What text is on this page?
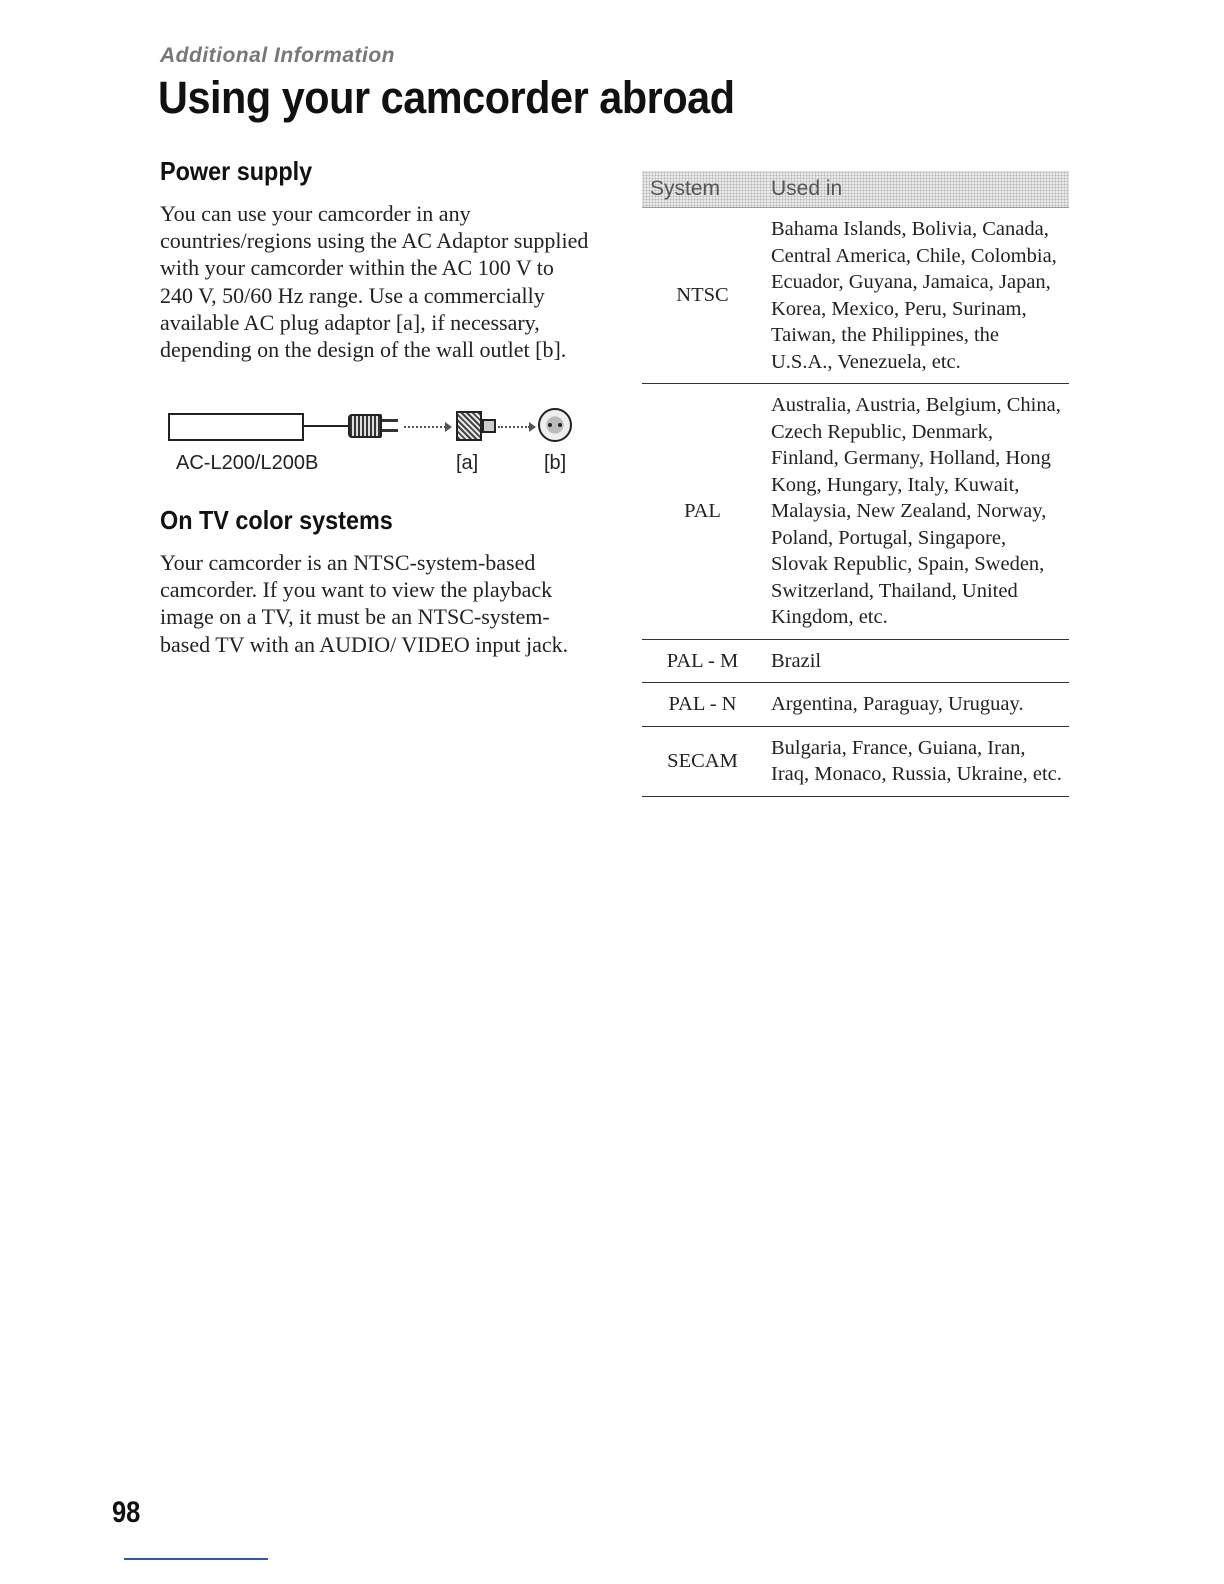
Additional Information
Using your camcorder abroad
Power supply

You can use your camcorder in any countries/regions using the AC Adaptor supplied with your camcorder within the AC 100 V to 240 V, 50/60 Hz range. Use a commercially available AC plug adaptor [a], if necessary, depending on the design of the wall outlet [b].

AC-L200/L200B	[a]	[b]
On TV color systems

Your camcorder is an NTSC-system-based camcorder. If you want to view the playback image on a TV, it must be an NTSC-system-based TV with an AUDIO/ VIDEO input jack.

System	Used in
NTSC	Bahama Islands, Bolivia, Canada, Central America, Chile, Colombia, Ecuador, Guyana, Jamaica, Japan, Korea, Mexico, Peru, Surinam, Taiwan, the Philippines, the U.S.A., Venezuela, etc.
PAL	Australia, Austria, Belgium, China, Czech Republic, Denmark, Finland, Germany, Holland, Hong Kong, Hungary, Italy, Kuwait, Malaysia, New Zealand, Norway, Poland, Portugal, Singapore, Slovak Republic, Spain, Sweden, Switzerland, Thailand, United Kingdom, etc.
PAL - M	Brazil
PAL - N	Argentina, Paraguay, Uruguay.
SECAM	Bulgaria, France, Guiana, Iran, Iraq, Monaco, Russia, Ukraine, etc.
98
